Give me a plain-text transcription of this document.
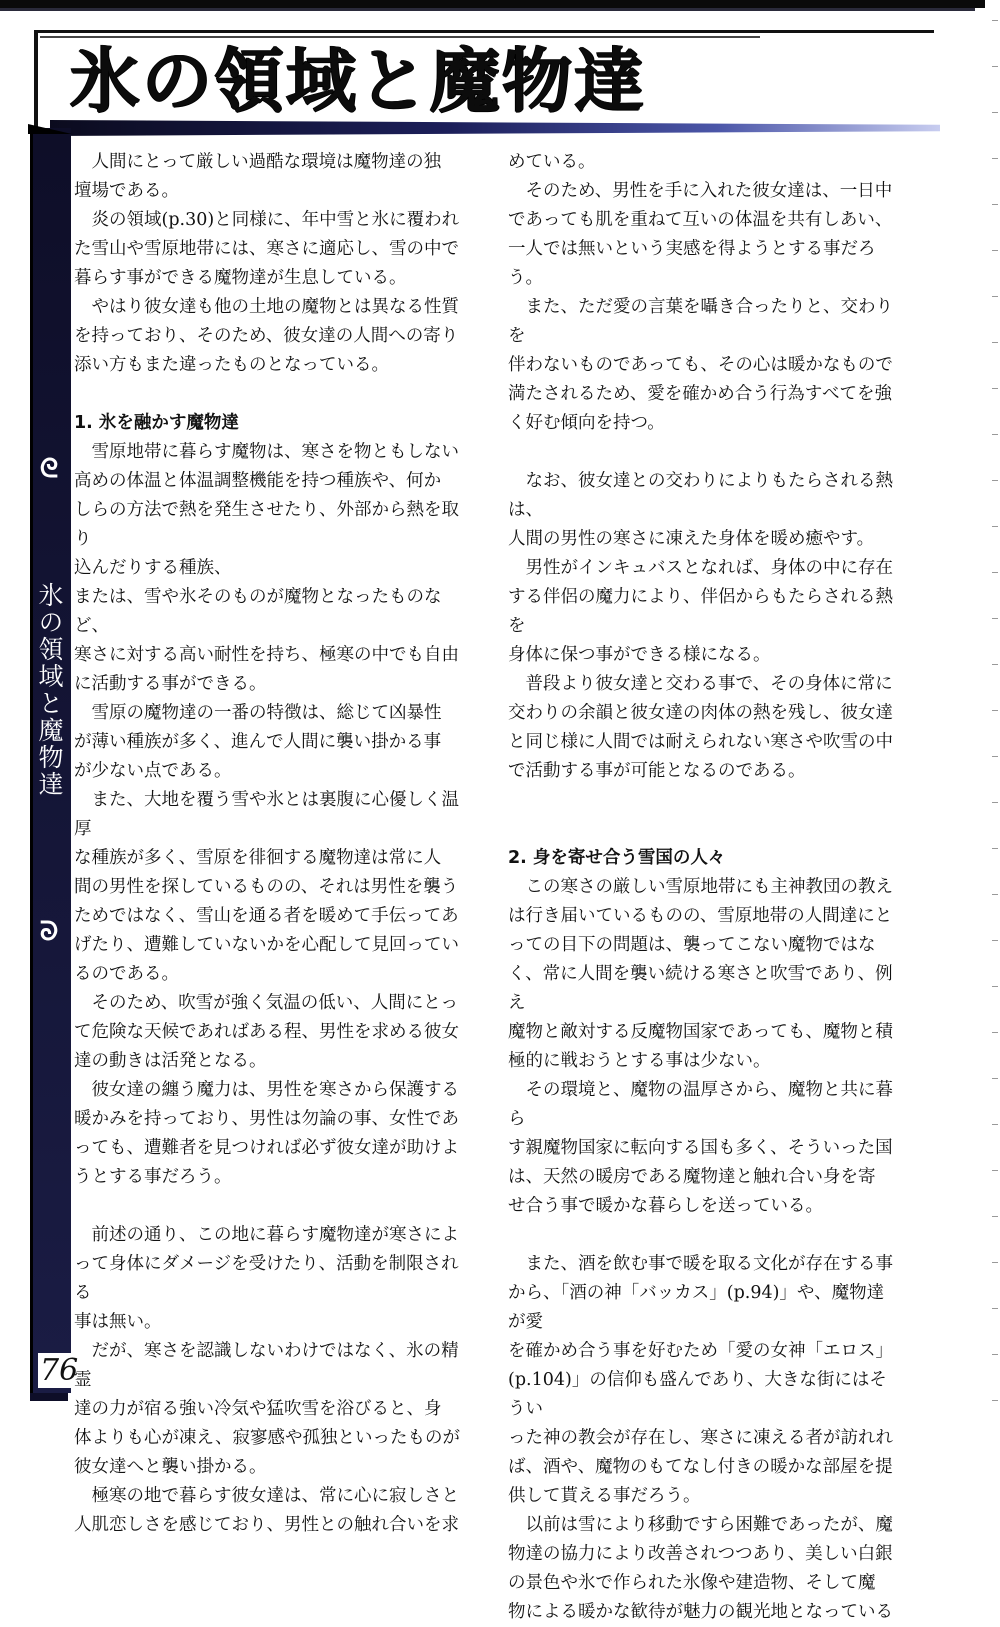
氷の領域と魔物達
ᘓ
氷の領域と魔物達
ᘐ

76

人間にとって厳しい過酷な環境は魔物達の独

壇場である。

炎の領域(p.30)と同様に、年中雪と氷に覆われ

た雪山や雪原地帯には、寒さに適応し、雪の中で

暮らす事ができる魔物達が生息している。

やはり彼女達も他の土地の魔物とは異なる性質

を持っており、そのため、彼女達の人間への寄り

添い方もまた違ったものとなっている。

1. 氷を融かす魔物達

雪原地帯に暮らす魔物は、寒さを物ともしない

高めの体温と体温調整機能を持つ種族や、何か

しらの方法で熱を発生させたり、外部から熱を取り

込んだりする種族、

または、雪や氷そのものが魔物となったものなど、

寒さに対する高い耐性を持ち、極寒の中でも自由

に活動する事ができる。

雪原の魔物達の一番の特徴は、総じて凶暴性

が薄い種族が多く、進んで人間に襲い掛かる事

が少ない点である。

また、大地を覆う雪や氷とは裏腹に心優しく温厚

な種族が多く、雪原を徘徊する魔物達は常に人

間の男性を探しているものの、それは男性を襲う

ためではなく、雪山を通る者を暖めて手伝ってあ

げたり、遭難していないかを心配して見回ってい

るのである。

そのため、吹雪が強く気温の低い、人間にとっ

て危険な天候であればある程、男性を求める彼女

達の動きは活発となる。

彼女達の纏う魔力は、男性を寒さから保護する

暖かみを持っており、男性は勿論の事、女性であ

っても、遭難者を見つければ必ず彼女達が助けよ

うとする事だろう。

前述の通り、この地に暮らす魔物達が寒さによ

って身体にダメージを受けたり、活動を制限される

事は無い。

だが、寒さを認識しないわけではなく、氷の精霊

達の力が宿る強い冷気や猛吹雪を浴びると、身

体よりも心が凍え、寂寥感や孤独といったものが

彼女達へと襲い掛かる。

極寒の地で暮らす彼女達は、常に心に寂しさと

人肌恋しさを感じており、男性との触れ合いを求

めている。

そのため、男性を手に入れた彼女達は、一日中

であっても肌を重ねて互いの体温を共有しあい、

一人では無いという実感を得ようとする事だろう。

また、ただ愛の言葉を囁き合ったりと、交わりを

伴わないものであっても、その心は暖かなもので

満たされるため、愛を確かめ合う行為すべてを強

く好む傾向を持つ。

なお、彼女達との交わりによりもたらされる熱は、

人間の男性の寒さに凍えた身体を暖め癒やす。

男性がインキュバスとなれば、身体の中に存在

する伴侶の魔力により、伴侶からもたらされる熱を

身体に保つ事ができる様になる。

普段より彼女達と交わる事で、その身体に常に

交わりの余韻と彼女達の肉体の熱を残し、彼女達

と同じ様に人間では耐えられない寒さや吹雪の中

で活動する事が可能となるのである。

2. 身を寄せ合う雪国の人々

この寒さの厳しい雪原地帯にも主神教団の教え

は行き届いているものの、雪原地帯の人間達にと

っての目下の問題は、襲ってこない魔物ではな

く、常に人間を襲い続ける寒さと吹雪であり、例え

魔物と敵対する反魔物国家であっても、魔物と積

極的に戦おうとする事は少ない。

その環境と、魔物の温厚さから、魔物と共に暮ら

す親魔物国家に転向する国も多く、そういった国

は、天然の暖房である魔物達と触れ合い身を寄

せ合う事で暖かな暮らしを送っている。

また、酒を飲む事で暖を取る文化が存在する事

から、「酒の神「バッカス」(p.94)」や、魔物達が愛

を確かめ合う事を好むため「愛の女神「エロス」

(p.104)」の信仰も盛んであり、大きな街にはそうい

った神の教会が存在し、寒さに凍える者が訪れれ

ば、酒や、魔物のもてなし付きの暖かな部屋を提

供して貰える事だろう。

以前は雪により移動ですら困難であったが、魔

物達の協力により改善されつつあり、美しい白銀

の景色や氷で作られた氷像や建造物、そして魔

物による暖かな歓待が魅力の観光地となっている
